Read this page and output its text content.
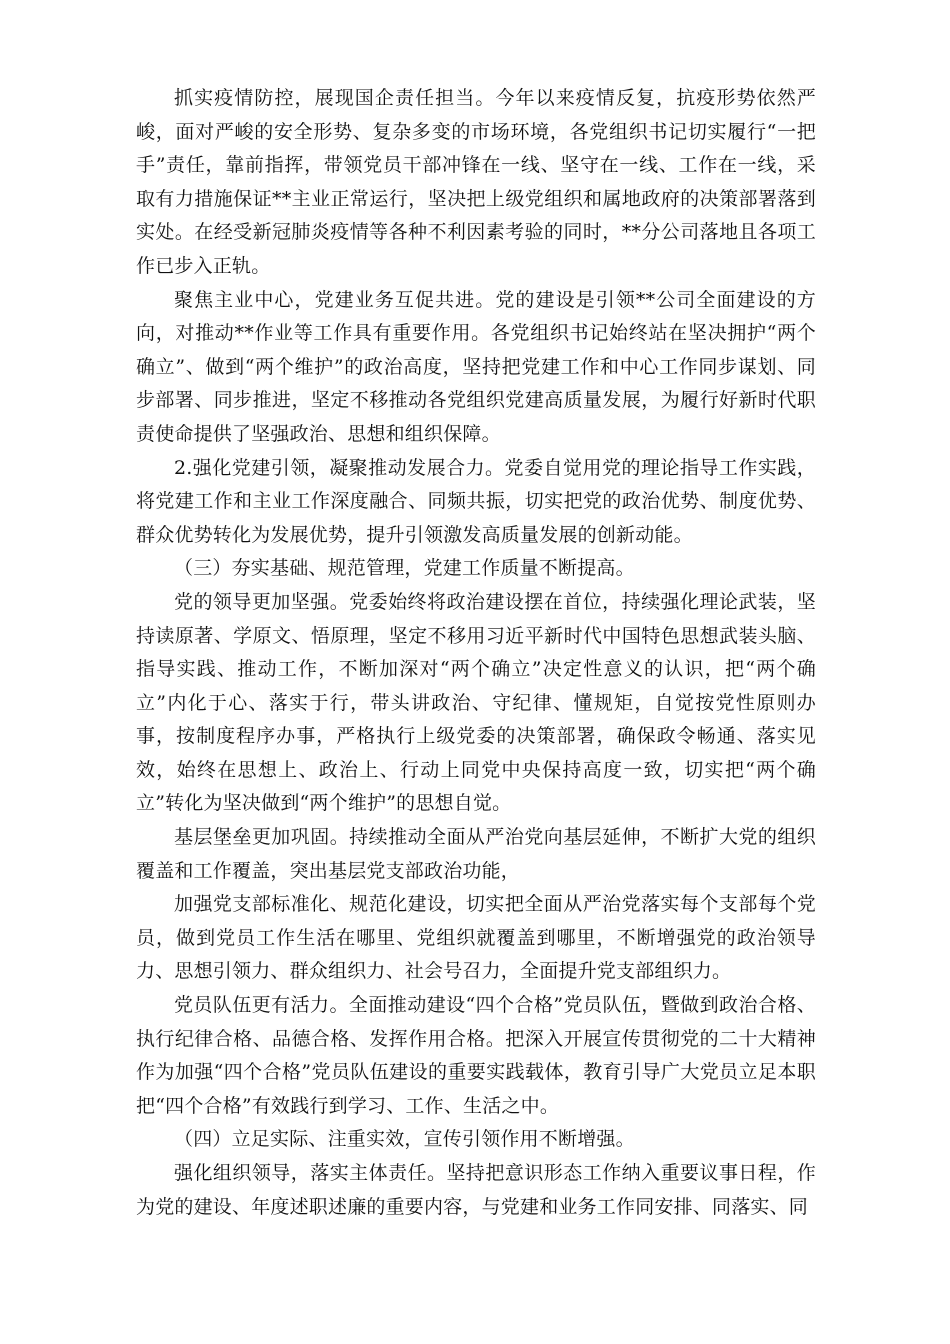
抓实疫情防控，展现国企责任担当。今年以来疫情反复，抗疫形势依然严峻，面对严峻的安全形势、复杂多变的市场环境，各党组织书记切实履行“一把手”责任，靠前指挥，带领党员干部冲锋在一线、坚守在一线、工作在一线，采取有力措施保证**主业正常运行，坚决把上级党组织和属地政府的决策部署落到实处。在经受新冠肺炎疫情等各种不利因素考验的同时，**分公司落地且各项工作已步入正轨。

聚焦主业中心，党建业务互促共进。党的建设是引领**公司全面建设的方向，对推动**作业等工作具有重要作用。各党组织书记始终站在坚决拥护“两个确立”、做到“两个维护”的政治高度，坚持把党建工作和中心工作同步谋划、同步部署、同步推进，坚定不移推动各党组织党建高质量发展，为履行好新时代职责使命提供了坚强政治、思想和组织保障。

2.强化党建引领，凝聚推动发展合力。党委自觉用党的理论指导工作实践，将党建工作和主业工作深度融合、同频共振，切实把党的政治优势、制度优势、群众优势转化为发展优势，提升引领激发高质量发展的创新动能。

（三）夯实基础、规范管理，党建工作质量不断提高。

党的领导更加坚强。党委始终将政治建设摆在首位，持续强化理论武装，坚持读原著、学原文、悟原理，坚定不移用习近平新时代中国特色思想武装头脑、指导实践、推动工作，不断加深对“两个确立”决定性意义的认识，把“两个确立”内化于心、落实于行，带头讲政治、守纪律、懂规矩，自觉按党性原则办事，按制度程序办事，严格执行上级党委的决策部署，确保政令畅通、落实见效，始终在思想上、政治上、行动上同党中央保持高度一致，切实把“两个确立”转化为坚决做到“两个维护”的思想自觉。

基层堡垒更加巩固。持续推动全面从严治党向基层延伸，不断扩大党的组织覆盖和工作覆盖，突出基层党支部政治功能，

加强党支部标准化、规范化建设，切实把全面从严治党落实每个支部每个党员，做到党员工作生活在哪里、党组织就覆盖到哪里，不断增强党的政治领导力、思想引领力、群众组织力、社会号召力，全面提升党支部组织力。

党员队伍更有活力。全面推动建设“四个合格”党员队伍，暨做到政治合格、执行纪律合格、品德合格、发挥作用合格。把深入开展宣传贯彻党的二十大精神作为加强“四个合格”党员队伍建设的重要实践载体，教育引导广大党员立足本职把“四个合格”有效践行到学习、工作、生活之中。

（四）立足实际、注重实效，宣传引领作用不断增强。

强化组织领导，落实主体责任。坚持把意识形态工作纳入重要议事日程，作为党的建设、年度述职述廉的重要内容，与党建和业务工作同安排、同落实、同
